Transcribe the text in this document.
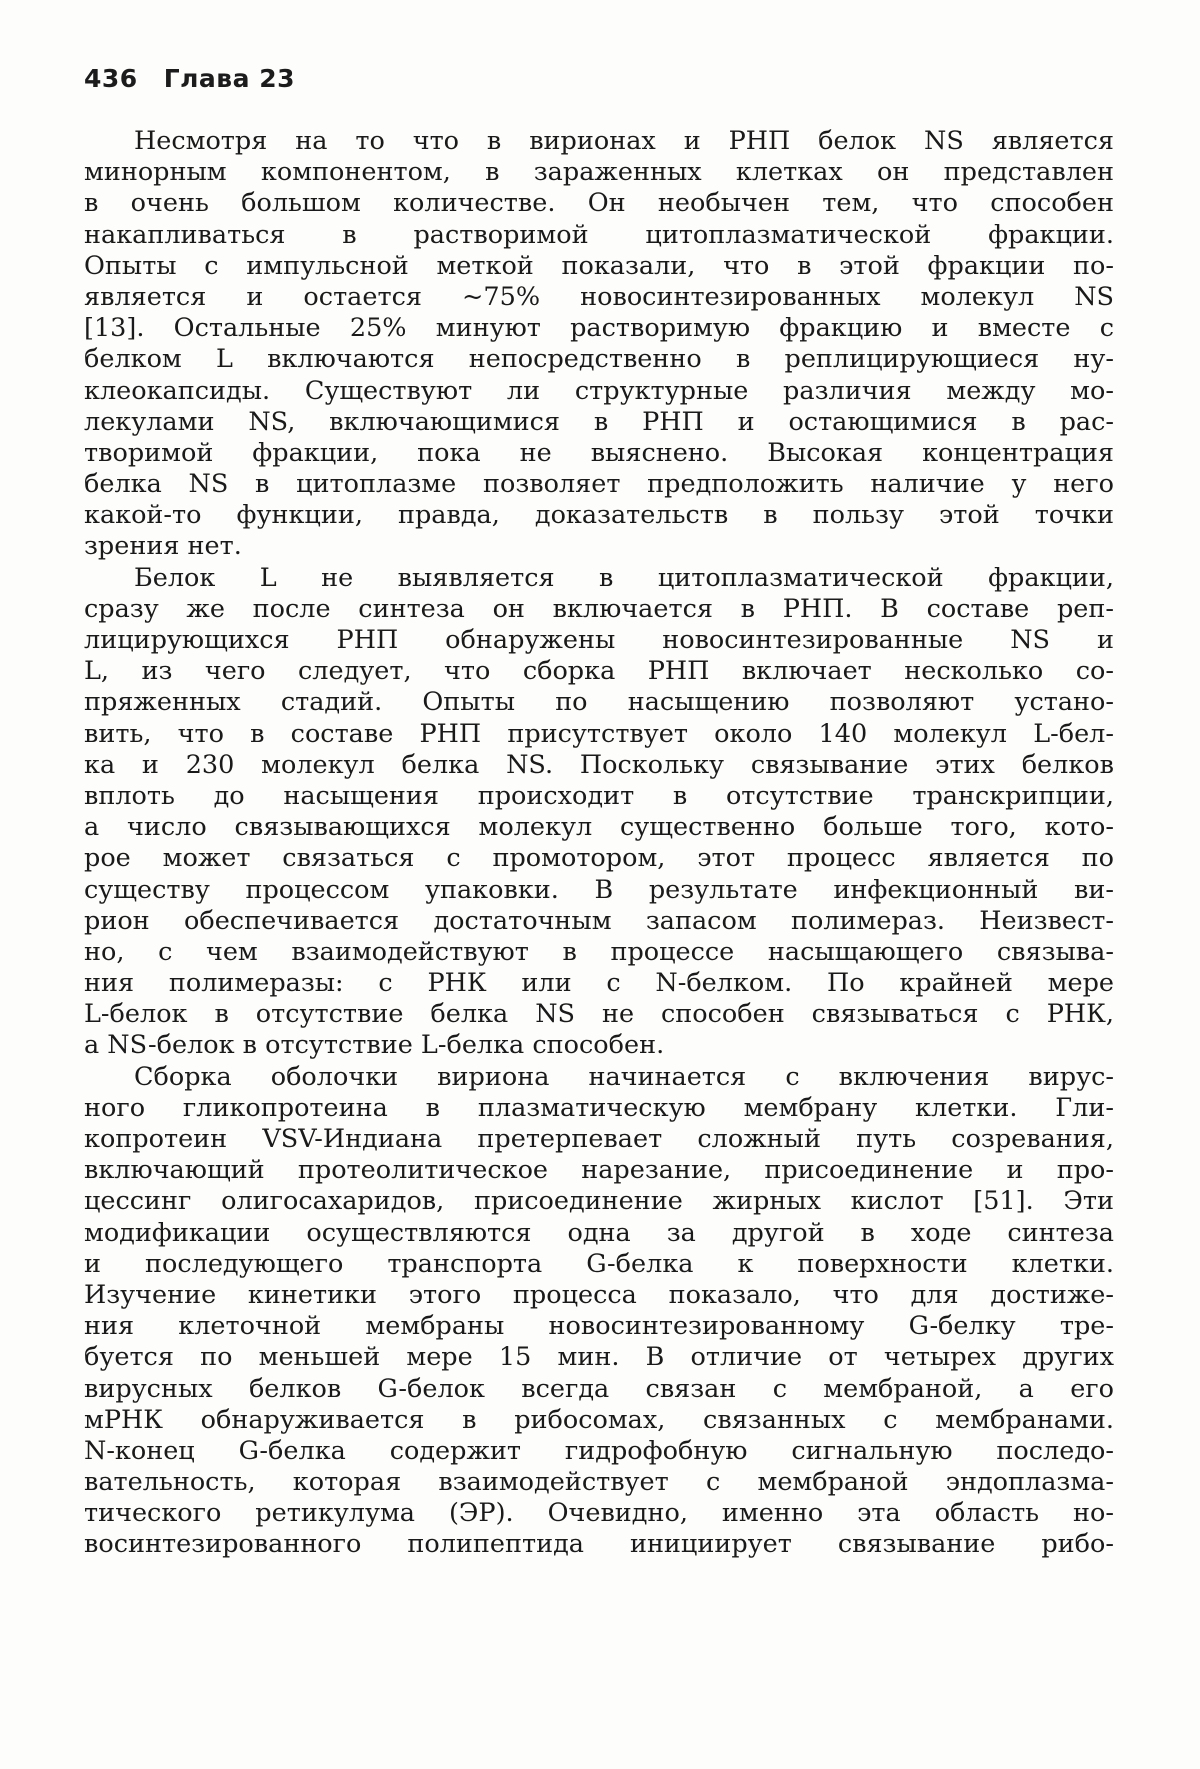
436 Глава 23
Несмотря на то что в вирионах и РНП белок NS является
минорным компонентом, в зараженных клетках он представлен
в очень большом количестве. Он необычен тем, что способен
накапливаться в растворимой цитоплазматической фракции.
Опыты с импульсной меткой показали, что в этой фракции по-
является и остается ~75% новосинтезированных молекул NS
[13]. Остальные 25% минуют растворимую фракцию и вместе с
белком L включаются непосредственно в реплицирующиеся ну-
клеокапсиды. Существуют ли структурные различия между мо-
лекулами NS, включающимися в РНП и остающимися в рас-
творимой фракции, пока не выяснено. Высокая концентрация
белка NS в цитоплазме позволяет предположить наличие у него
какой-то функции, правда, доказательств в пользу этой точки
зрения нет.
Белок L не выявляется в цитоплазматической фракции,
сразу же после синтеза он включается в РНП. В составе реп-
лицирующихся РНП обнаружены новосинтезированные NS и
L, из чего следует, что сборка РНП включает несколько со-
пряженных стадий. Опыты по насыщению позволяют устано-
вить, что в составе РНП присутствует около 140 молекул L-бел-
ка и 230 молекул белка NS. Поскольку связывание этих белков
вплоть до насыщения происходит в отсутствие транскрипции,
а число связывающихся молекул существенно больше того, кото-
рое может связаться с промотором, этот процесс является по
существу процессом упаковки. В результате инфекционный ви-
рион обеспечивается достаточным запасом полимераз. Неизвест-
но, с чем взаимодействуют в процессе насыщающего связыва-
ния полимеразы: с РНК или с N-белком. По крайней мере
L-белок в отсутствие белка NS не способен связываться с РНК,
а NS-белок в отсутствие L-белка способен.
Сборка оболочки вириона начинается с включения вирус-
ного гликопротеина в плазматическую мембрану клетки. Гли-
копротеин VSV-Индиана претерпевает сложный путь созревания,
включающий протеолитическое нарезание, присоединение и про-
цессинг олигосахаридов, присоединение жирных кислот [51]. Эти
модификации осуществляются одна за другой в ходе синтеза
и последующего транспорта G-белка к поверхности клетки.
Изучение кинетики этого процесса показало, что для достиже-
ния клеточной мембраны новосинтезированному G-белку тре-
буется по меньшей мере 15 мин. В отличие от четырех других
вирусных белков G-белок всегда связан с мембраной, а его
мРНК обнаруживается в рибосомах, связанных с мембранами.
N-конец G-белка содержит гидрофобную сигнальную последо-
вательность, которая взаимодействует с мембраной эндоплазма-
тического ретикулума (ЭР). Очевидно, именно эта область но-
восинтезированного полипептида инициирует связывание рибо-
